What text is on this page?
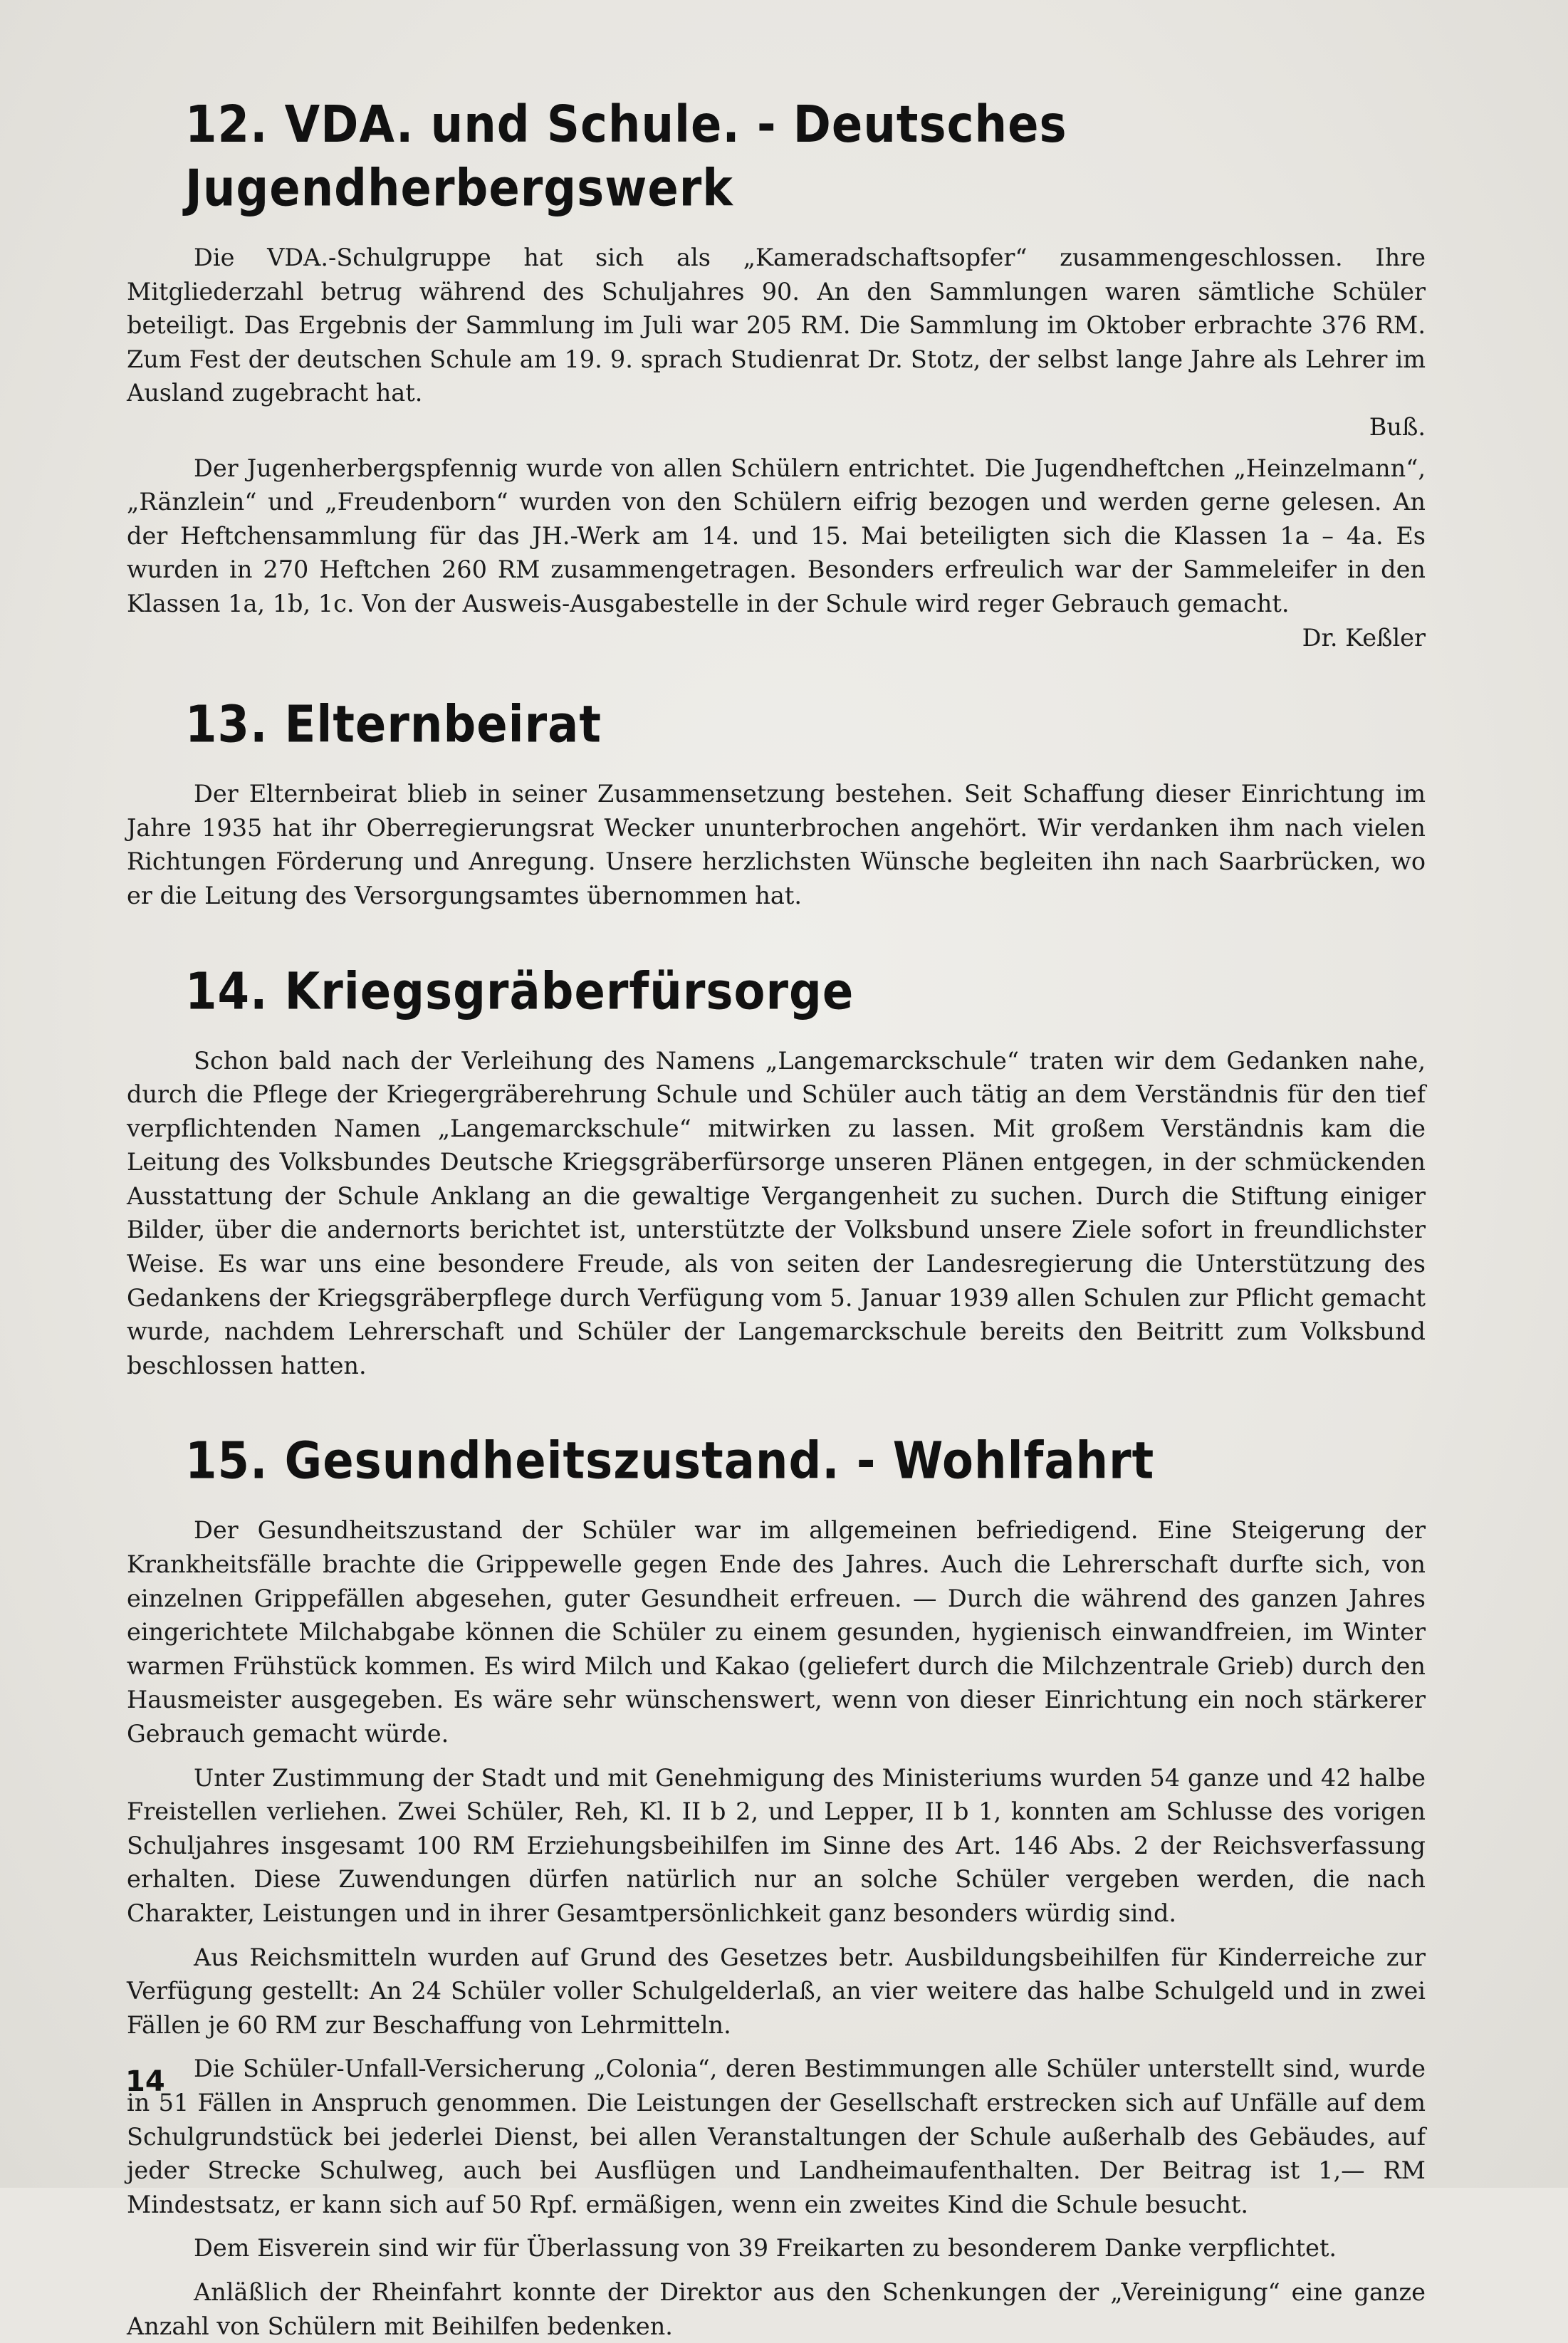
12. VDA. und Schule. - Deutsches Jugendherbergswerk

Die VDA.-Schulgruppe hat sich als „Kameradschaftsopfer“ zusammengeschlossen. Ihre Mitgliederzahl betrug während des Schuljahres 90. An den Sammlungen waren sämtliche Schüler beteiligt. Das Ergebnis der Sammlung im Juli war 205 RM. Die Sammlung im Oktober erbrachte 376 RM. Zum Fest der deutschen Schule am 19. 9. sprach Studienrat Dr. Stotz, der selbst lange Jahre als Lehrer im Ausland zugebracht hat.

Buß.

Der Jugenherbergspfennig wurde von allen Schülern entrichtet. Die Jugendheftchen „Heinzelmann“, „Ränzlein“ und „Freudenborn“ wurden von den Schülern eifrig bezogen und werden gerne gelesen. An der Heftchensammlung für das JH.-Werk am 14. und 15. Mai beteiligten sich die Klassen 1a – 4a. Es wurden in 270 Heftchen 260 RM zusammengetragen. Besonders erfreulich war der Sammeleifer in den Klassen 1a, 1b, 1c. Von der Ausweis-Ausgabestelle in der Schule wird reger Gebrauch gemacht.

Dr. Keßler
13. Elternbeirat

Der Elternbeirat blieb in seiner Zusammensetzung bestehen. Seit Schaffung dieser Einrichtung im Jahre 1935 hat ihr Oberregierungsrat Wecker ununterbrochen angehört. Wir verdanken ihm nach vielen Richtungen Förderung und Anregung. Unsere herzlichsten Wünsche begleiten ihn nach Saarbrücken, wo er die Leitung des Versorgungsamtes übernommen hat.

14. Kriegsgräberfürsorge

Schon bald nach der Verleihung des Namens „Langemarckschule“ traten wir dem Gedanken nahe, durch die Pflege der Kriegergräberehrung Schule und Schüler auch tätig an dem Verständnis für den tief verpflichtenden Namen „Langemarckschule“ mitwirken zu lassen. Mit großem Verständnis kam die Leitung des Volksbundes Deutsche Kriegsgräberfürsorge unseren Plänen entgegen, in der schmückenden Ausstattung der Schule Anklang an die gewaltige Vergangenheit zu suchen. Durch die Stiftung einiger Bilder, über die andernorts berichtet ist, unterstützte der Volksbund unsere Ziele sofort in freundlichster Weise. Es war uns eine besondere Freude, als von seiten der Landesregierung die Unterstützung des Gedankens der Kriegsgräberpflege durch Verfügung vom 5. Januar 1939 allen Schulen zur Pflicht gemacht wurde, nachdem Lehrerschaft und Schüler der Langemarckschule bereits den Beitritt zum Volksbund beschlossen hatten.

15. Gesundheitszustand. - Wohlfahrt

Der Gesundheitszustand der Schüler war im allgemeinen befriedigend. Eine Steigerung der Krankheitsfälle brachte die Grippewelle gegen Ende des Jahres. Auch die Lehrerschaft durfte sich, von einzelnen Grippefällen abgesehen, guter Gesundheit erfreuen. — Durch die während des ganzen Jahres eingerichtete Milchabgabe können die Schüler zu einem gesunden, hygienisch einwandfreien, im Winter warmen Frühstück kommen. Es wird Milch und Kakao (geliefert durch die Milchzentrale Grieb) durch den Hausmeister ausgegeben. Es wäre sehr wünschenswert, wenn von dieser Einrichtung ein noch stärkerer Gebrauch gemacht würde.

Unter Zustimmung der Stadt und mit Genehmigung des Ministeriums wurden 54 ganze und 42 halbe Freistellen verliehen. Zwei Schüler, Reh, Kl. II b 2, und Lepper, II b 1, konnten am Schlusse des vorigen Schuljahres insgesamt 100 RM Erziehungsbeihilfen im Sinne des Art. 146 Abs. 2 der Reichsverfassung erhalten. Diese Zuwendungen dürfen natürlich nur an solche Schüler vergeben werden, die nach Charakter, Leistungen und in ihrer Gesamtpersönlichkeit ganz besonders würdig sind.

Aus Reichsmitteln wurden auf Grund des Gesetzes betr. Ausbildungsbeihilfen für Kinderreiche zur Verfügung gestellt: An 24 Schüler voller Schulgelderlaß, an vier weitere das halbe Schulgeld und in zwei Fällen je 60 RM zur Beschaffung von Lehrmitteln.

Die Schüler-Unfall-Versicherung „Colonia“, deren Bestimmungen alle Schüler unterstellt sind, wurde in 51 Fällen in Anspruch genommen. Die Leistungen der Gesellschaft erstrecken sich auf Unfälle auf dem Schulgrundstück bei jederlei Dienst, bei allen Veranstaltungen der Schule außerhalb des Gebäudes, auf jeder Strecke Schulweg, auch bei Ausflügen und Landheimaufenthalten. Der Beitrag ist 1,— RM Mindestsatz, er kann sich auf 50 Rpf. ermäßigen, wenn ein zweites Kind die Schule besucht.

Dem Eisverein sind wir für Überlassung von 39 Freikarten zu besonderem Danke verpflichtet.

Anläßlich der Rheinfahrt konnte der Direktor aus den Schenkungen der „Vereinigung“ eine ganze Anzahl von Schülern mit Beihilfen bedenken.

14
